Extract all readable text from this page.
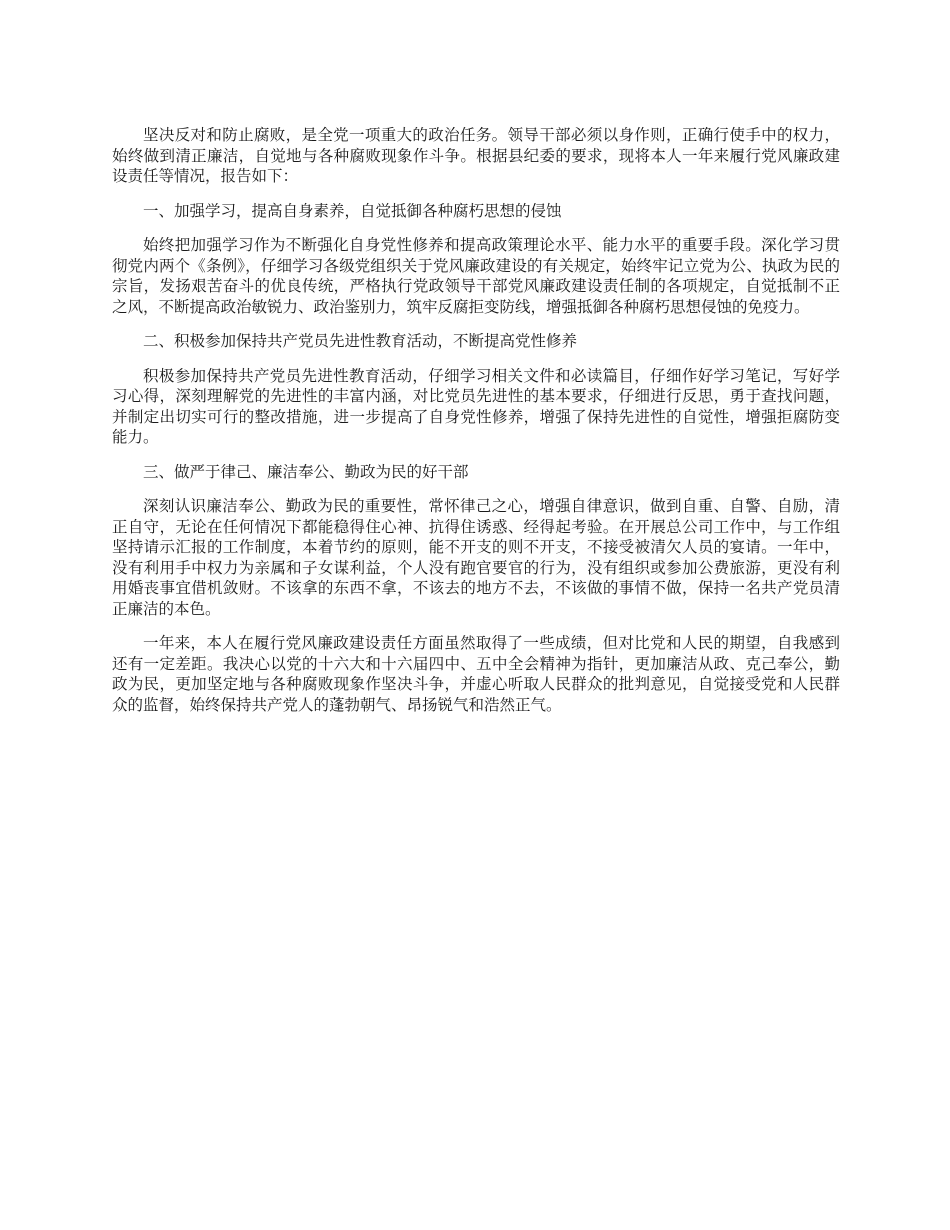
坚决反对和防止腐败，是全党一项重大的政治任务。领导干部必须以身作则，正确行使手中的权力，始终做到清正廉洁，自觉地与各种腐败现象作斗争。根据县纪委的要求，现将本人一年来履行党风廉政建设责任等情况，报告如下：

一、加强学习，提高自身素养，自觉抵御各种腐朽思想的侵蚀

始终把加强学习作为不断强化自身党性修养和提高政策理论水平、能力水平的重要手段。深化学习贯彻党内两个《条例》，仔细学习各级党组织关于党风廉政建设的有关规定，始终牢记立党为公、执政为民的宗旨，发扬艰苦奋斗的优良传统，严格执行党政领导干部党风廉政建设责任制的各项规定，自觉抵制不正之风，不断提高政治敏锐力、政治鉴别力，筑牢反腐拒变防线，增强抵御各种腐朽思想侵蚀的免疫力。

二、积极参加保持共产党员先进性教育活动，不断提高党性修养

积极参加保持共产党员先进性教育活动，仔细学习相关文件和必读篇目，仔细作好学习笔记，写好学习心得，深刻理解党的先进性的丰富内涵，对比党员先进性的基本要求，仔细进行反思，勇于查找问题，并制定出切实可行的整改措施，进一步提高了自身党性修养，增强了保持先进性的自觉性，增强拒腐防变能力。

三、做严于律己、廉洁奉公、勤政为民的好干部

深刻认识廉洁奉公、勤政为民的重要性，常怀律己之心，增强自律意识，做到自重、自警、自励，清正自守，无论在任何情况下都能稳得住心神、抗得住诱惑、经得起考验。在开展总公司工作中，与工作组坚持请示汇报的工作制度，本着节约的原则，能不开支的则不开支，不接受被清欠人员的宴请。一年中，没有利用手中权力为亲属和子女谋利益，个人没有跑官要官的行为，没有组织或参加公费旅游，更没有利用婚丧事宜借机敛财。不该拿的东西不拿，不该去的地方不去，不该做的事情不做，保持一名共产党员清正廉洁的本色。

一年来，本人在履行党风廉政建设责任方面虽然取得了一些成绩，但对比党和人民的期望，自我感到还有一定差距。我决心以党的十六大和十六届四中、五中全会精神为指针，更加廉洁从政、克己奉公，勤政为民，更加坚定地与各种腐败现象作坚决斗争，并虚心听取人民群众的批判意见，自觉接受党和人民群众的监督，始终保持共产党人的蓬勃朝气、昂扬锐气和浩然正气。
